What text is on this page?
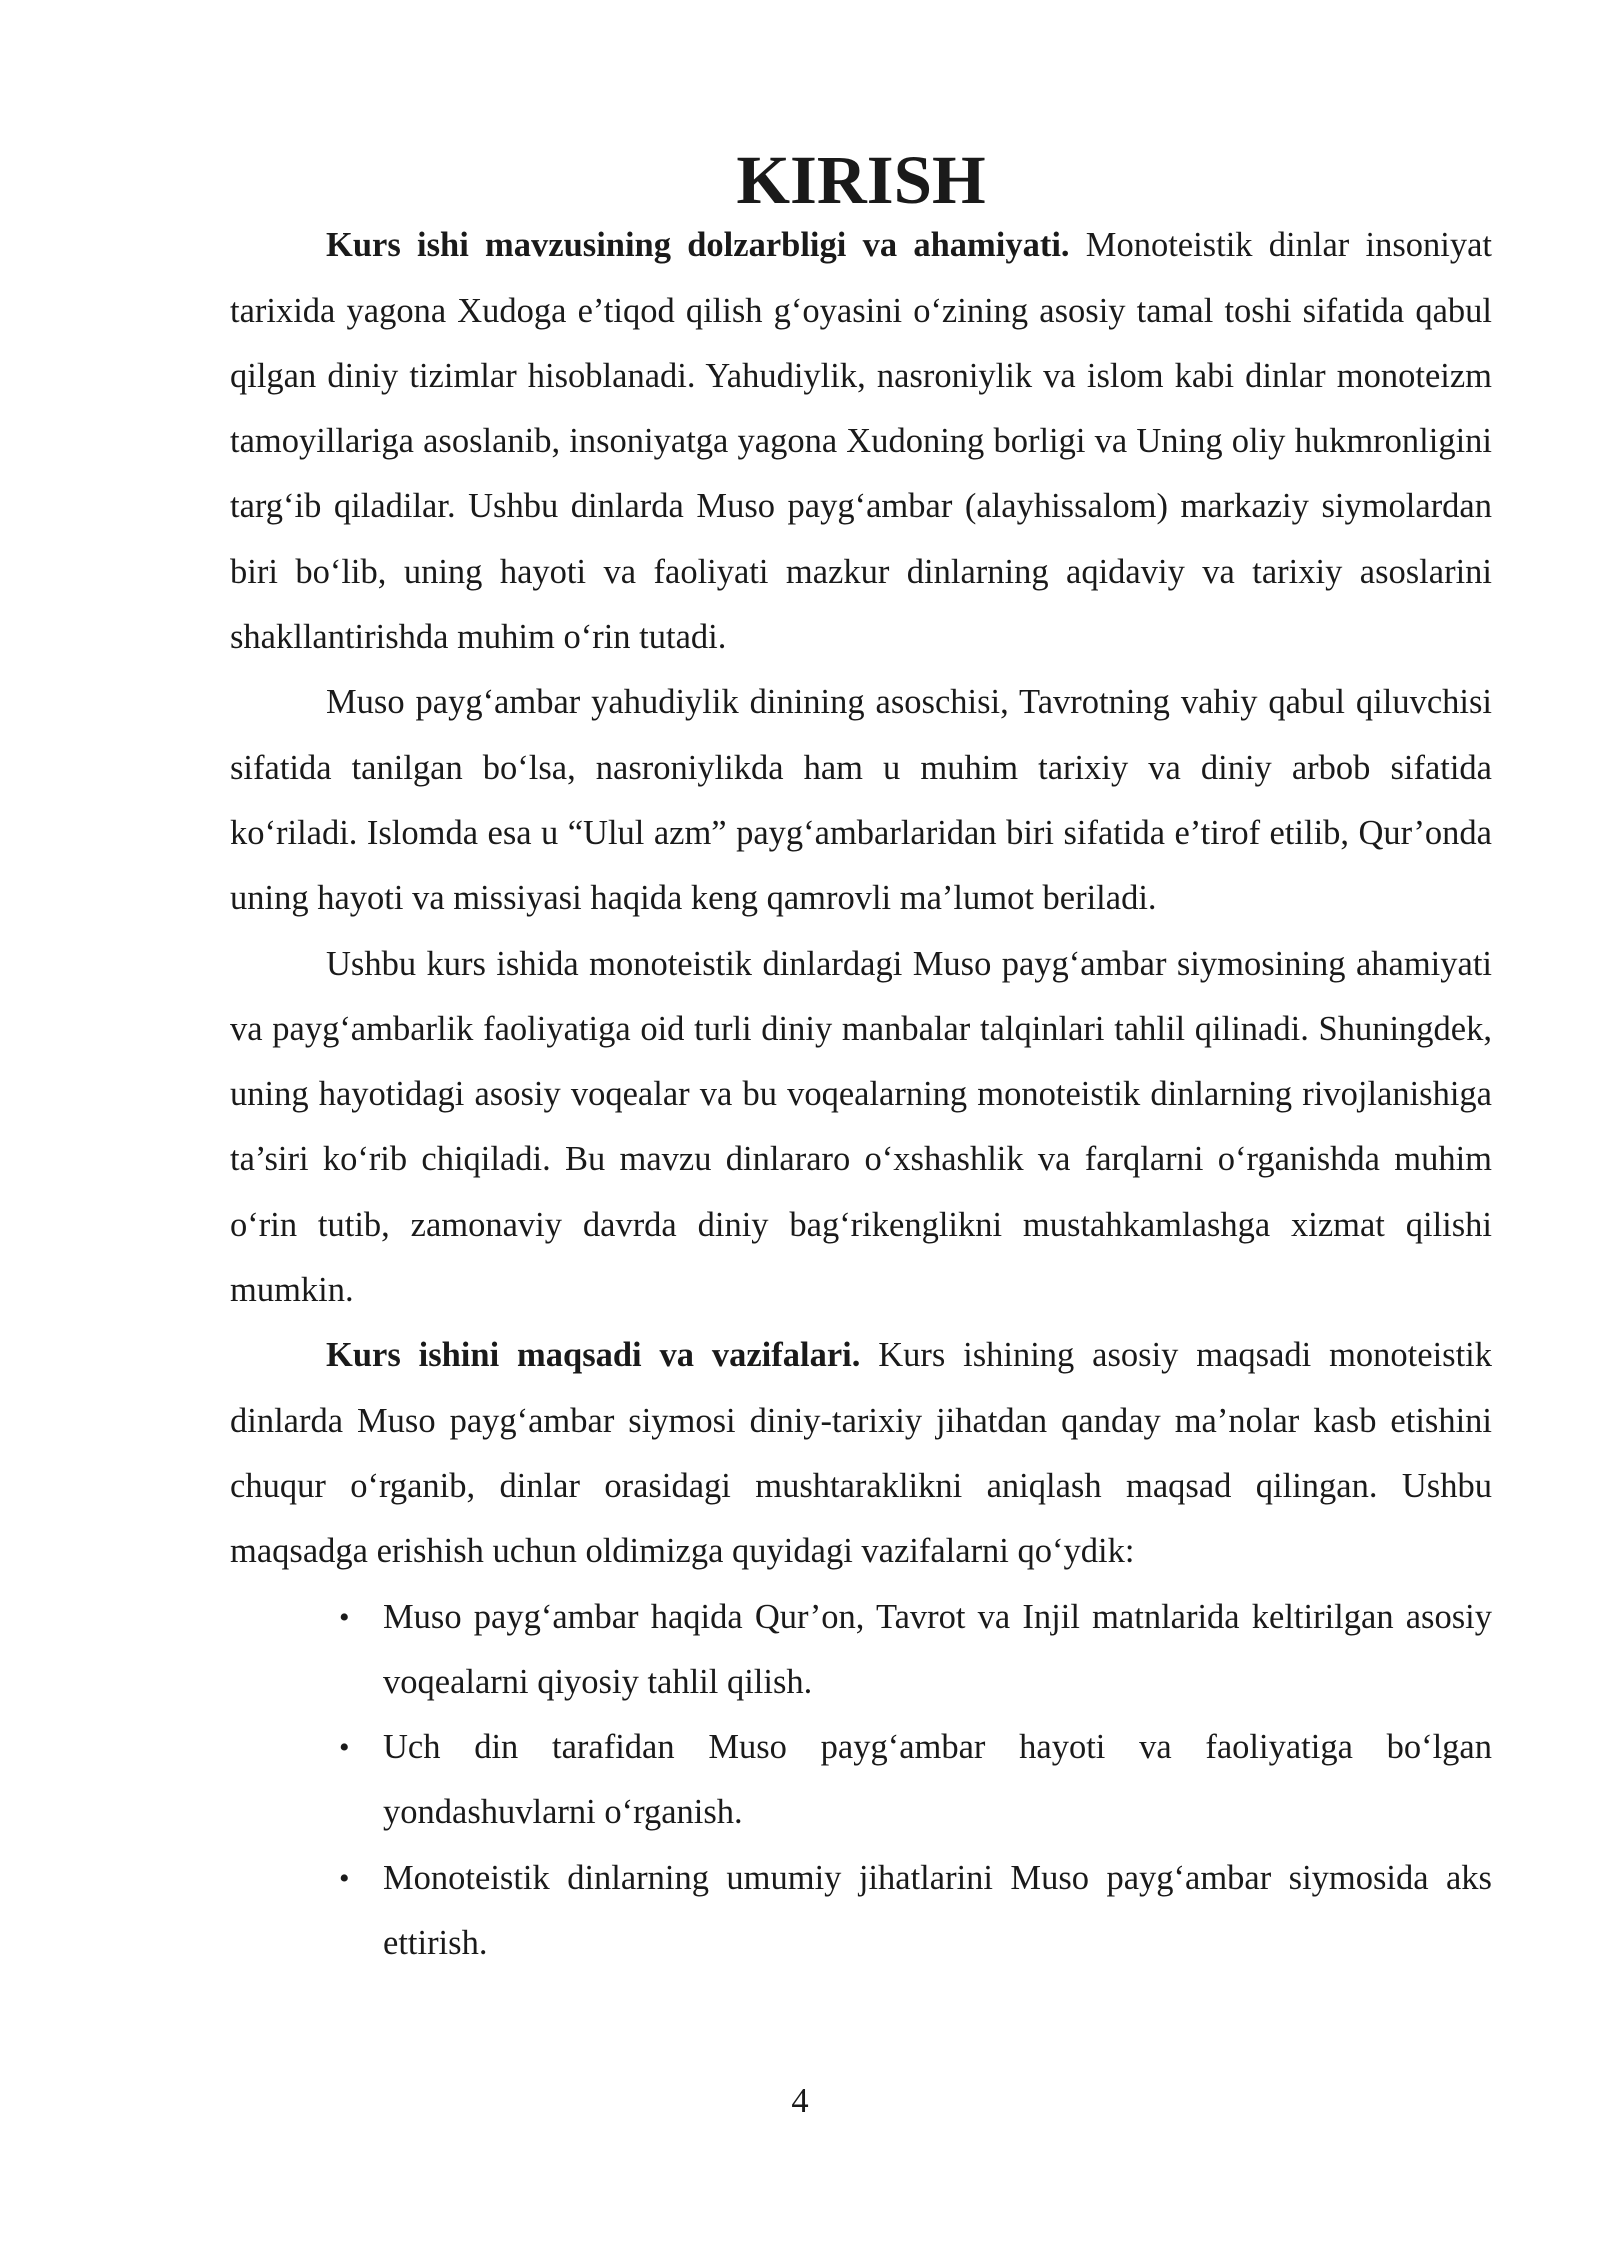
KIRISH

Kurs ishi mavzusining dolzarbligi va ahamiyati. Monoteistik dinlar insoniyat tarixida yagona Xudoga e’tiqod qilish g‘oyasini o‘zining asosiy tamal toshi sifatida qabul qilgan diniy tizimlar hisoblanadi. Yahudiylik, nasroniylik va islom kabi dinlar monoteizm tamoyillariga asoslanib, insoniyatga yagona Xudoning borligi va Uning oliy hukmronligini targ‘ib qiladilar. Ushbu dinlarda Muso payg‘ambar (alayhissalom) markaziy siymolardan biri bo‘lib, uning hayoti va faoliyati mazkur dinlarning aqidaviy va tarixiy asoslarini shakllantirishda muhim o‘rin tutadi.

Muso payg‘ambar yahudiylik dinining asoschisi, Tavrotning vahiy qabul qiluvchisi sifatida tanilgan bo‘lsa, nasroniylikda ham u muhim tarixiy va diniy arbob sifatida ko‘riladi. Islomda esa u “Ulul azm” payg‘ambarlaridan biri sifatida e’tirof etilib, Qur’onda uning hayoti va missiyasi haqida keng qamrovli ma’lumot beriladi.

Ushbu kurs ishida monoteistik dinlardagi Muso payg‘ambar siymosining ahamiyati va payg‘ambarlik faoliyatiga oid turli diniy manbalar talqinlari tahlil qilinadi. Shuningdek, uning hayotidagi asosiy voqealar va bu voqealarning monoteistik dinlarning rivojlanishiga ta’siri ko‘rib chiqiladi. Bu mavzu dinlararo o‘xshashlik va farqlarni o‘rganishda muhim o‘rin tutib, zamonaviy davrda diniy bag‘rikenglikni mustahkamlashga xizmat qilishi mumkin.

Kurs ishini maqsadi va vazifalari. Kurs ishining asosiy maqsadi monoteistik dinlarda Muso payg‘ambar siymosi diniy-tarixiy jihatdan qanday ma’nolar kasb etishini chuqur o‘rganib, dinlar orasidagi mushtaraklikni aniqlash maqsad qilingan. Ushbu maqsadga erishish uchun oldimizga quyidagi vazifalarni qo‘ydik:

• Muso payg‘ambar haqida Qur’on, Tavrot va Injil matnlarida keltirilgan asosiy voqealarni qiyosiy tahlil qilish.
• Uch din tarafidan Muso payg‘ambar hayoti va faoliyatiga bo‘lgan yondashuvlarni o‘rganish.
• Monoteistik dinlarning umumiy jihatlarini Muso payg‘ambar siymosida aks ettirish.
4
